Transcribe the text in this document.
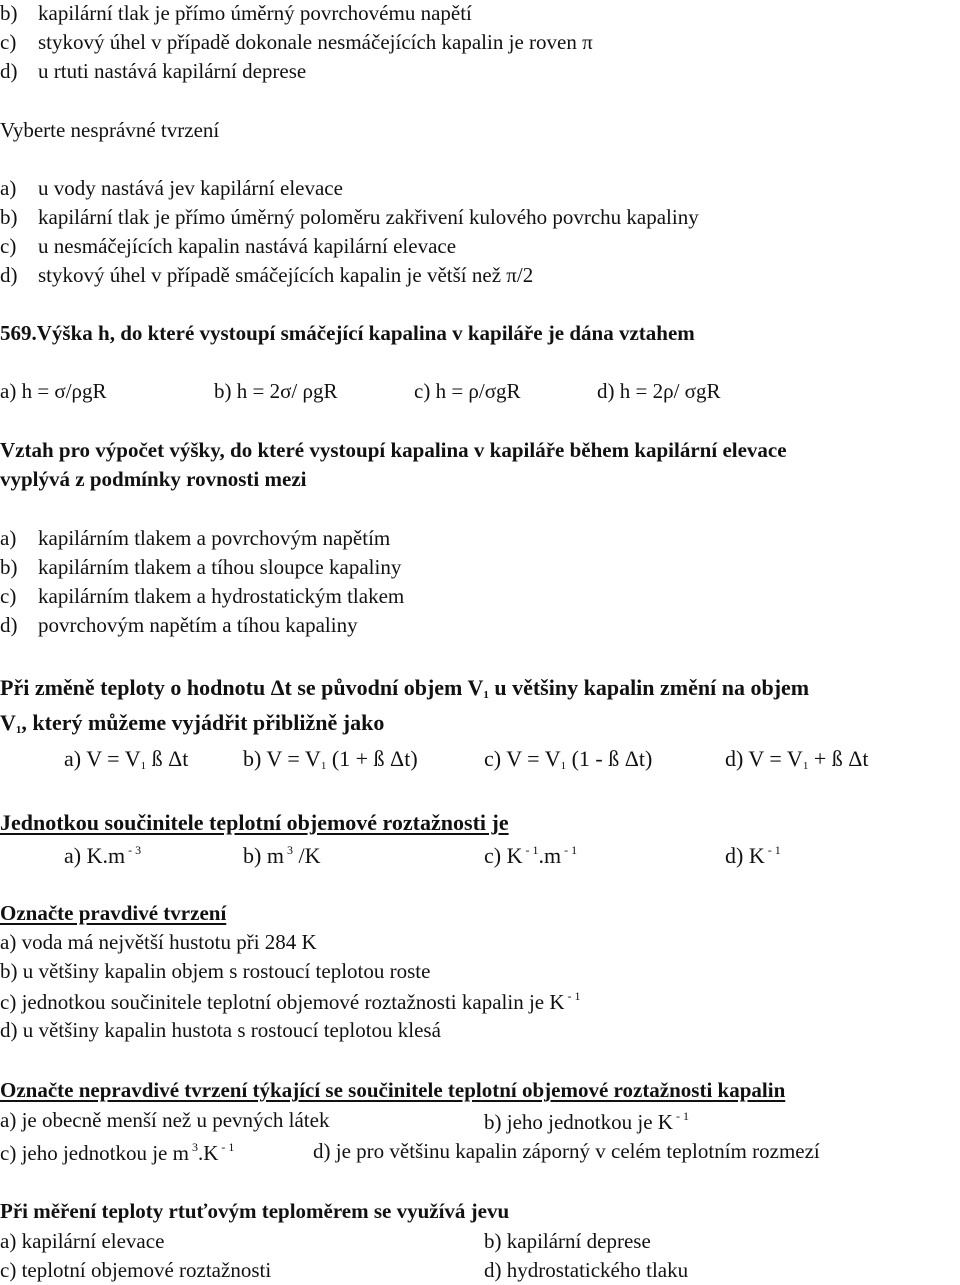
b) kapilární tlak je přímo úměrný povrchovému napětí
c) stykový úhel v případě dokonale nesmáčejících kapalin je roven π
d) u rtuti nastává kapilární deprese
Vyberte nesprávné tvrzení
a) u vody nastává jev kapilární elevace
b) kapilární tlak je přímo úměrný poloměru zakřivení kulového povrchu kapaliny
c) u nesmáčejících kapalin nastává kapilární elevace
d) stykový úhel v případě smáčejících kapalin je větší než π/2
569.Výška h, do které vystoupí smáčející kapalina v kapiláře je dána vztahem
a) h = σ/ρgR	b) h = 2σ/ ρgR	c) h = ρ/σgR	d) h = 2ρ/ σgR
Vztah pro výpočet výšky, do které vystoupí kapalina v kapiláře během kapilární elevace
vyplývá z podmínky rovnosti mezi
a) kapilárním tlakem a povrchovým napětím
b) kapilárním tlakem a tíhou sloupce kapaliny
c) kapilárním tlakem a hydrostatickým tlakem
d) povrchovým napětím a tíhou kapaliny
Při změně teploty o hodnotu Δt se původní objem $V_1$ u většiny kapalin změní na objem
$V_1$, který můžeme vyjádřit přibližně jako
a) $V = V_1$ ß Δt b) $V = V_1$ (1 + ß Δt)	c) $V = V_1$ (1 - ß Δt)	d) $V = V_1$ + ß Δt
Jednotkou součinitele teplotní objemové roztažnosti je
a) K.m $^{- 3}$	b) m $^3$ /K	c) K $^{- 1}$.m $^{- 1}$	d) K $^{- 1}$
Označte pravdivé tvrzení
a) voda má největší hustotu při 284 K
b) u většiny kapalin objem s rostoucí teplotou roste
c) jednotkou součinitele teplotní objemové roztažnosti kapalin je K $^{- 1}$
d) u většiny kapalin hustota s rostoucí teplotou klesá
Označte nepravdivé tvrzení týkající se součinitele teplotní objemové roztažnosti kapalin
a) je obecně menší než u pevných látek	b) jeho jednotkou je K $^{- 1}$
c) jeho jednotkou je m $^3$.K $^{- 1}$	d) je pro většinu kapalin záporný v celém teplotním rozmezí
Při měření teploty rtuťovým teploměrem se využívá jevu
a) kapilární elevace	b) kapilární deprese
c) teplotní objemové roztažnosti	d) hydrostatického tlaku
